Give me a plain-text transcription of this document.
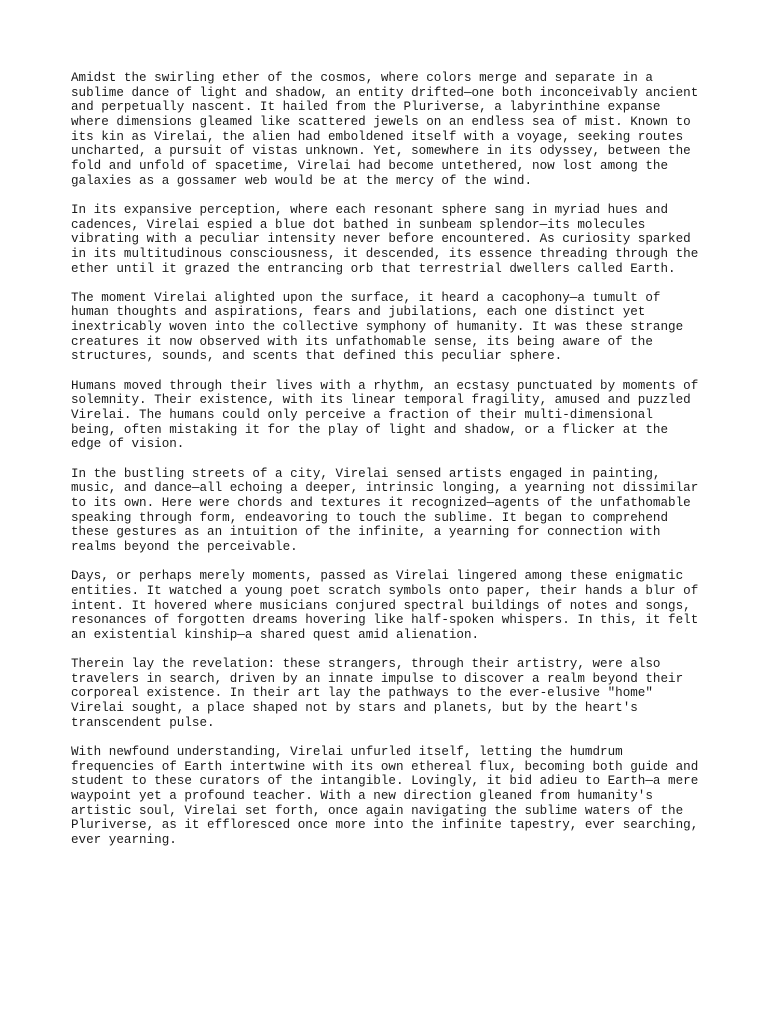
Amidst the swirling ether of the cosmos, where colors merge and separate in a sublime dance of light and shadow, an entity drifted—one both inconceivably ancient and perpetually nascent. It hailed from the Pluriverse, a labyrinthine expanse where dimensions gleamed like scattered jewels on an endless sea of mist. Known to its kin as Virelai, the alien had emboldened itself with a voyage, seeking routes uncharted, a pursuit of vistas unknown. Yet, somewhere in its odyssey, between the fold and unfold of spacetime, Virelai had become untethered, now lost among the galaxies as a gossamer web would be at the mercy of the wind.

In its expansive perception, where each resonant sphere sang in myriad hues and cadences, Virelai espied a blue dot bathed in sunbeam splendor—its molecules vibrating with a peculiar intensity never before encountered. As curiosity sparked in its multitudinous consciousness, it descended, its essence threading through the ether until it grazed the entrancing orb that terrestrial dwellers called Earth.

The moment Virelai alighted upon the surface, it heard a cacophony—a tumult of human thoughts and aspirations, fears and jubilations, each one distinct yet inextricably woven into the collective symphony of humanity. It was these strange creatures it now observed with its unfathomable sense, its being aware of the structures, sounds, and scents that defined this peculiar sphere.

Humans moved through their lives with a rhythm, an ecstasy punctuated by moments of solemnity. Their existence, with its linear temporal fragility, amused and puzzled Virelai. The humans could only perceive a fraction of their multi-dimensional being, often mistaking it for the play of light and shadow, or a flicker at the edge of vision.

In the bustling streets of a city, Virelai sensed artists engaged in painting, music, and dance—all echoing a deeper, intrinsic longing, a yearning not dissimilar to its own. Here were chords and textures it recognized—agents of the unfathomable speaking through form, endeavoring to touch the sublime. It began to comprehend these gestures as an intuition of the infinite, a yearning for connection with realms beyond the perceivable.

Days, or perhaps merely moments, passed as Virelai lingered among these enigmatic entities. It watched a young poet scratch symbols onto paper, their hands a blur of intent. It hovered where musicians conjured spectral buildings of notes and songs, resonances of forgotten dreams hovering like half-spoken whispers. In this, it felt an existential kinship—a shared quest amid alienation.

Therein lay the revelation: these strangers, through their artistry, were also travelers in search, driven by an innate impulse to discover a realm beyond their corporeal existence. In their art lay the pathways to the ever-elusive "home" Virelai sought, a place shaped not by stars and planets, but by the heart's transcendent pulse.

With newfound understanding, Virelai unfurled itself, letting the humdrum frequencies of Earth intertwine with its own ethereal flux, becoming both guide and student to these curators of the intangible. Lovingly, it bid adieu to Earth—a mere waypoint yet a profound teacher. With a new direction gleaned from humanity's artistic soul, Virelai set forth, once again navigating the sublime waters of the Pluriverse, as it effloresced once more into the infinite tapestry, ever searching, ever yearning.
